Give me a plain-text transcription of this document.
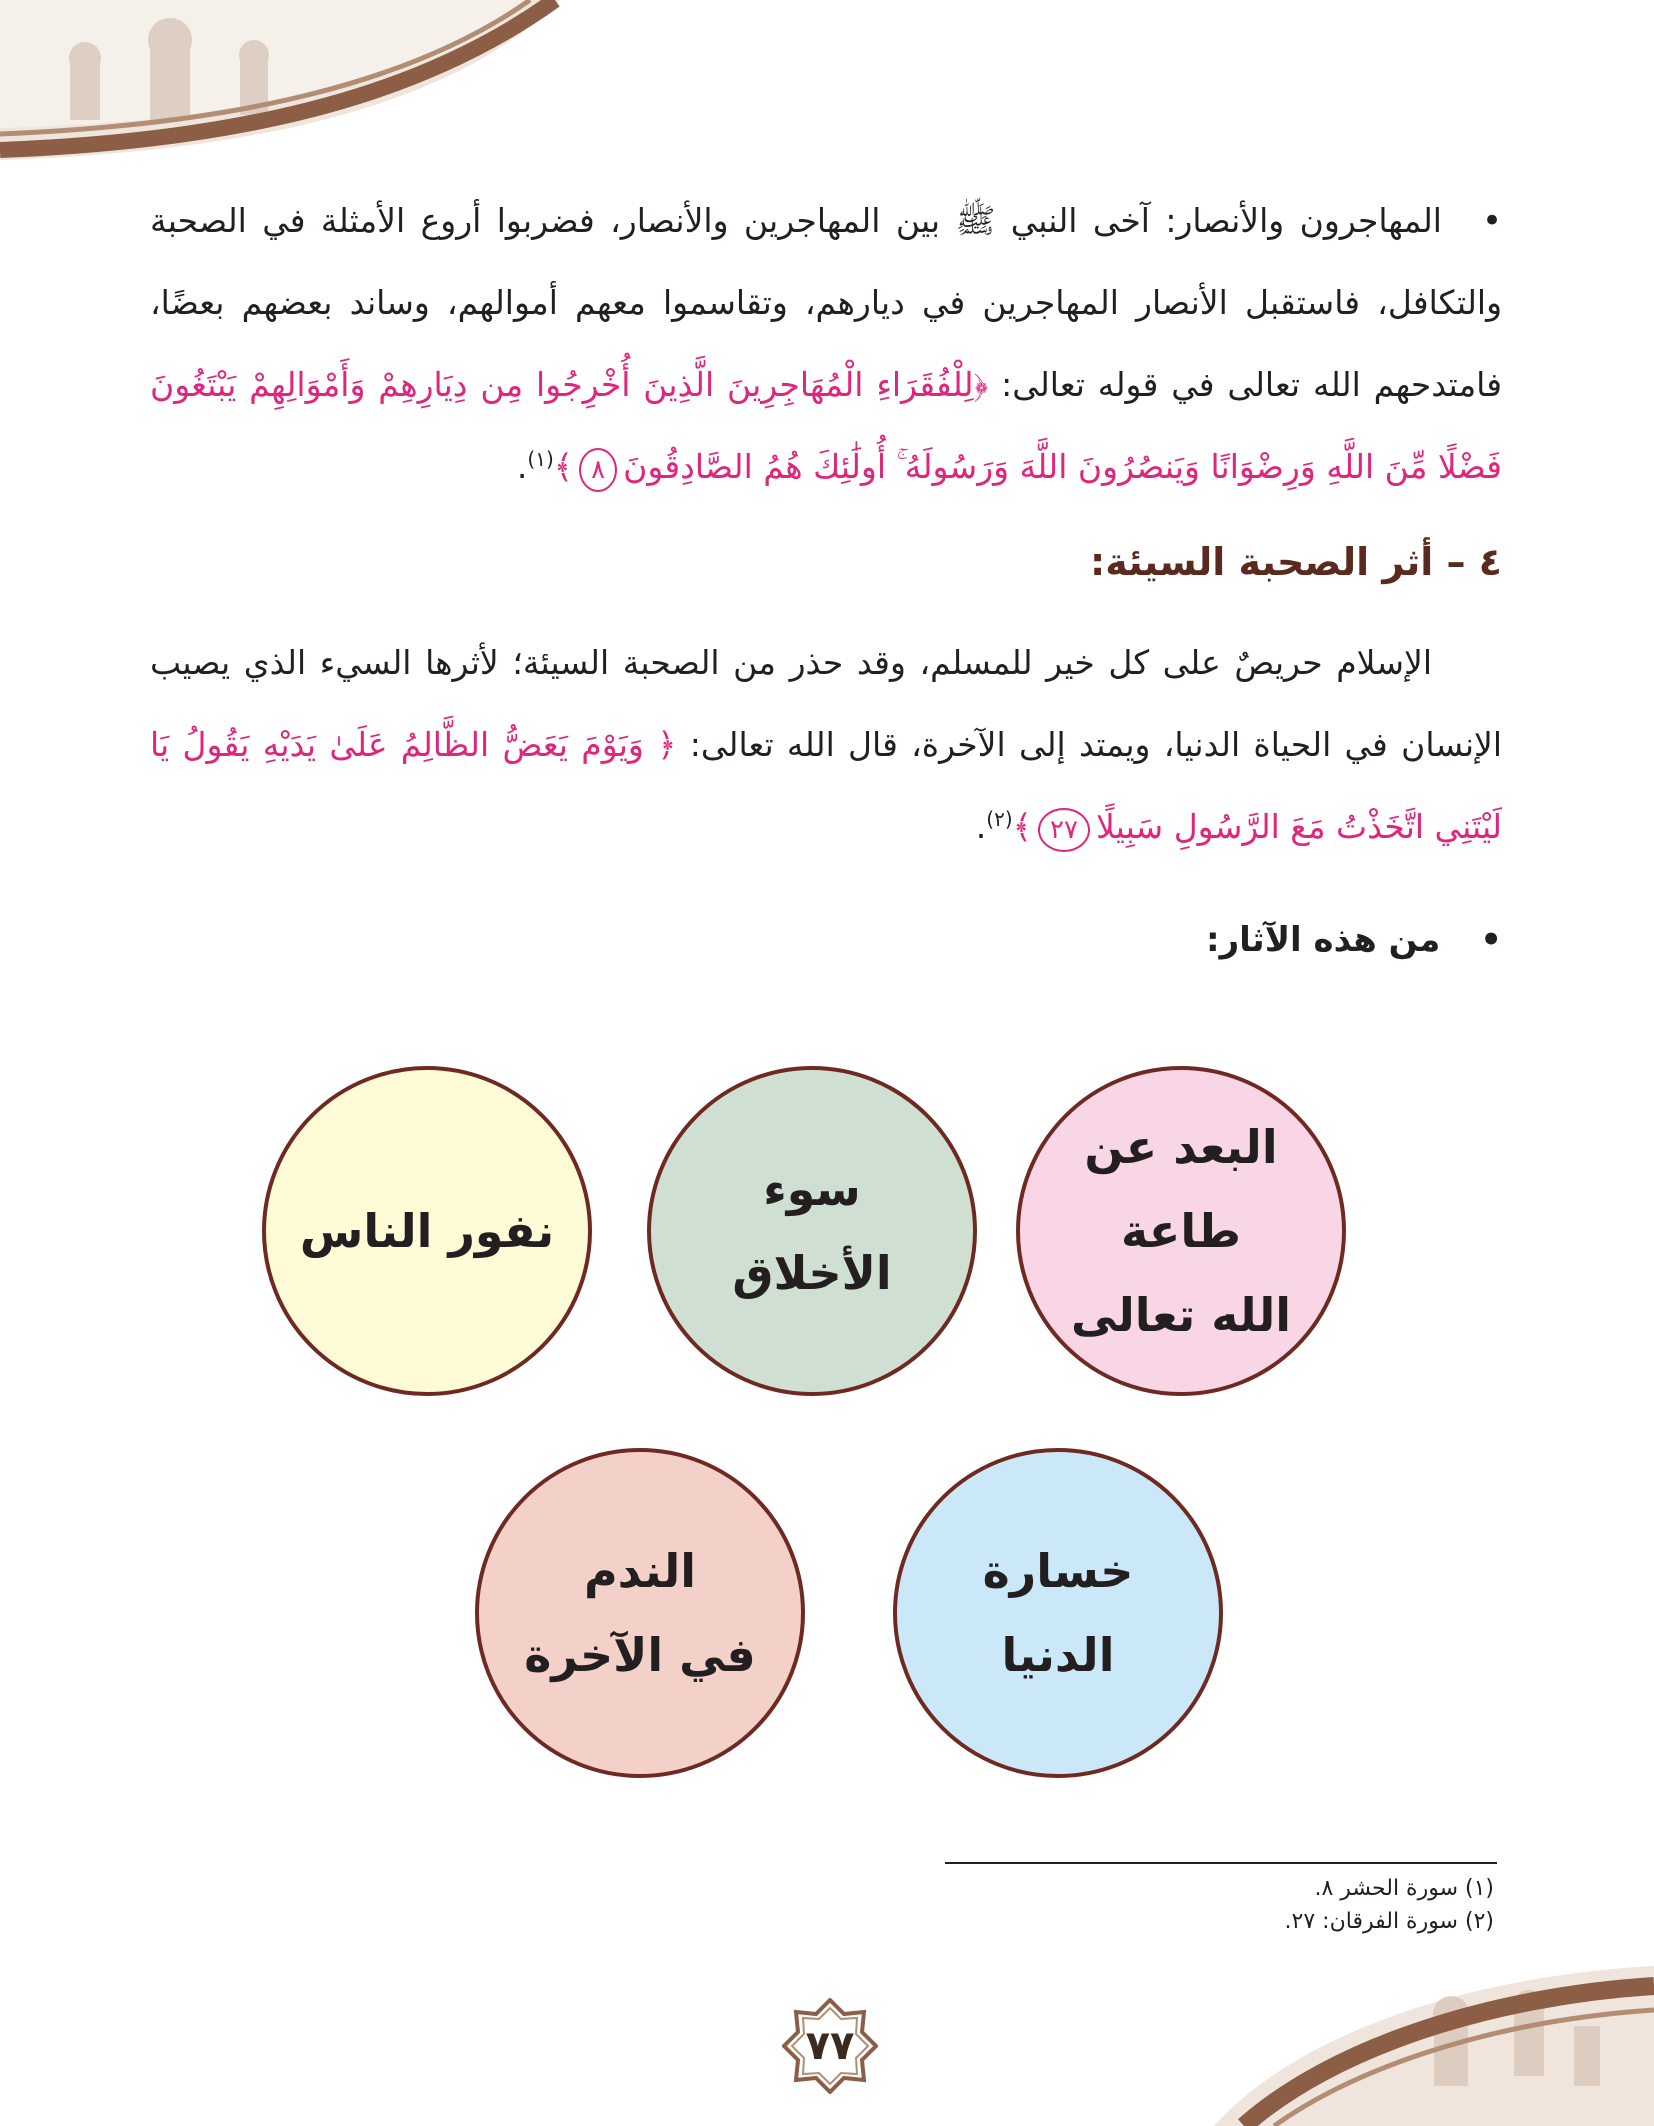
•المهاجرون والأنصار: آخى النبي ﷺ بين المهاجرين والأنصار، فضربوا أروع الأمثلة في الصحبة والتكافل، فاستقبل الأنصار المهاجرين في ديارهم، وتقاسموا معهم أموالهم، وساند بعضهم بعضًا، فامتدحهم الله تعالى في قوله تعالى: ﴿لِلْفُقَرَاءِ الْمُهَاجِرِينَ الَّذِينَ أُخْرِجُوا مِن دِيَارِهِمْ وَأَمْوَالِهِمْ يَبْتَغُونَ فَضْلًا مِّنَ اللَّهِ وَرِضْوَانًا وَيَنصُرُونَ اللَّهَ وَرَسُولَهُ ۚ أُولَٰئِكَ هُمُ الصَّادِقُونَ٨﴾$^{(١)}$.
٤ – أثر الصحبة السيئة:
الإسلام حريصٌ على كل خير للمسلم، وقد حذر من الصحبة السيئة؛ لأثرها السيء الذي يصيب الإنسان في الحياة الدنيا، ويمتد إلى الآخرة، قال الله تعالى: ﴿ وَيَوْمَ يَعَضُّ الظَّالِمُ عَلَىٰ يَدَيْهِ يَقُولُ يَا لَيْتَنِي اتَّخَذْتُ مَعَ الرَّسُولِ سَبِيلًا٢٧﴾$^{(٢)}$.
•من هذه الآثار:
البعد عن طاعة
الله تعالى
سوء
الأخلاق
نفور الناس
خسارة
الدنيا
الندم
في الآخرة
(١) سورة الحشر ٨.
(٢) سورة الفرقان: ٢٧.
٧٧
